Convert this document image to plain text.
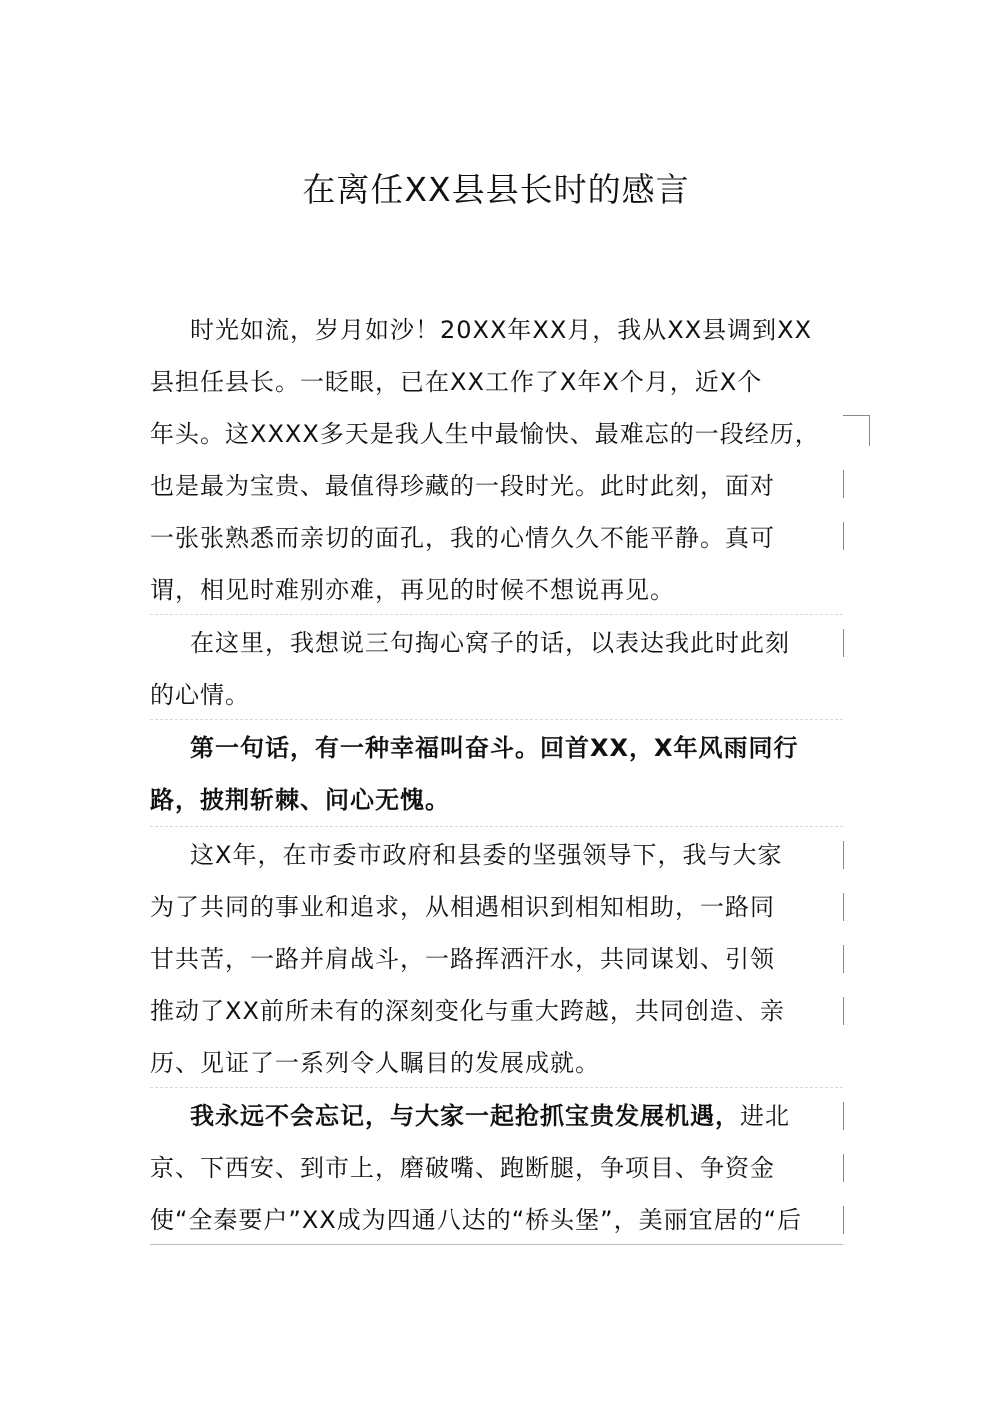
在离任XX县县长时的感言
时光如流，岁月如沙！20XX年XX月，我从XX县调到XX
县担任县长。一眨眼，已在XX工作了X年X个月，近X个
年头。这XXXX多天是我人生中最愉快、最难忘的一段经历，
也是最为宝贵、最值得珍藏的一段时光。此时此刻，面对
一张张熟悉而亲切的面孔，我的心情久久不能平静。真可
谓，相见时难别亦难，再见的时候不想说再见。
在这里，我想说三句掏心窝子的话，以表达我此时此刻
的心情。
第一句话，有一种幸福叫奋斗。回首XX，X年风雨同行
路，披荆斩棘、问心无愧。
这X年，在市委市政府和县委的坚强领导下，我与大家
为了共同的事业和追求，从相遇相识到相知相助，一路同
甘共苦，一路并肩战斗，一路挥洒汗水，共同谋划、引领
推动了XX前所未有的深刻变化与重大跨越，共同创造、亲
历、见证了一系列令人瞩目的发展成就。
我永远不会忘记，与大家一起抢抓宝贵发展机遇，进北
京、下西安、到市上，磨破嘴、跑断腿，争项目、争资金
使“全秦要户”XX成为四通八达的“桥头堡”，美丽宜居的“后
